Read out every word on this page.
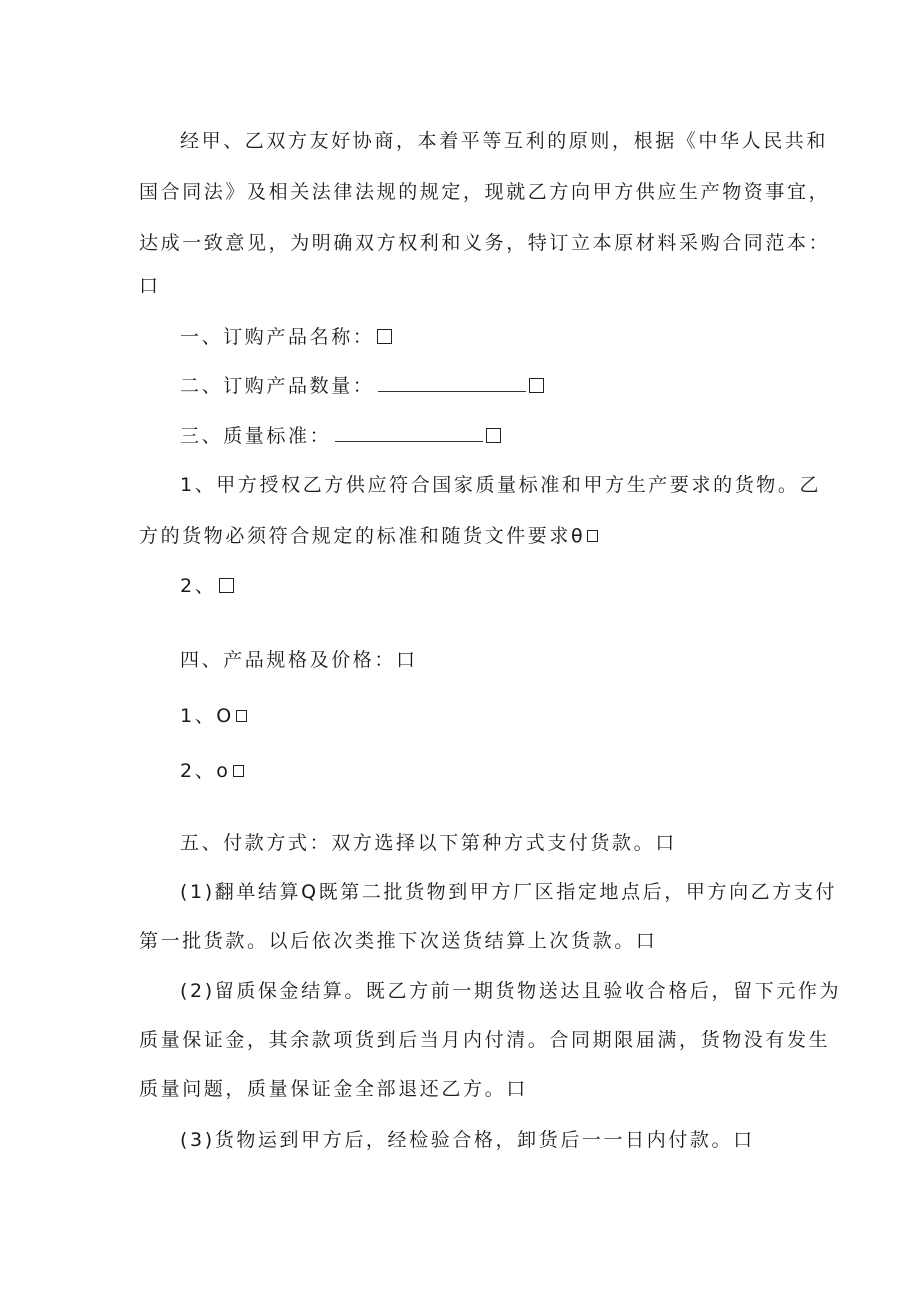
经甲、乙双方友好协商，本着平等互利的原则，根据《中华人民共和
国合同法》及相关法律法规的规定，现就乙方向甲方供应生产物资事宜，
达成一致意见，为明确双方权利和义务，特订立本原材料采购合同范本：
口
一、订购产品名称：
二、订购产品数量：
三、质量标准：
1、甲方授权乙方供应符合国家质量标准和甲方生产要求的货物。乙
方的货物必须符合规定的标准和随货文件要求θ
2、
四、产品规格及价格：口
1、O
2、o
五、付款方式：双方选择以下第种方式支付货款。口
(1)翻单结算Q既第二批货物到甲方厂区指定地点后，甲方向乙方支付
第一批货款。以后依次类推下次送货结算上次货款。口
(2)留质保金结算。既乙方前一期货物送达且验收合格后，留下元作为
质量保证金，其余款项货到后当月内付清。合同期限届满，货物没有发生
质量问题，质量保证金全部退还乙方。口
(3)货物运到甲方后，经检验合格，卸货后一一日内付款。口
